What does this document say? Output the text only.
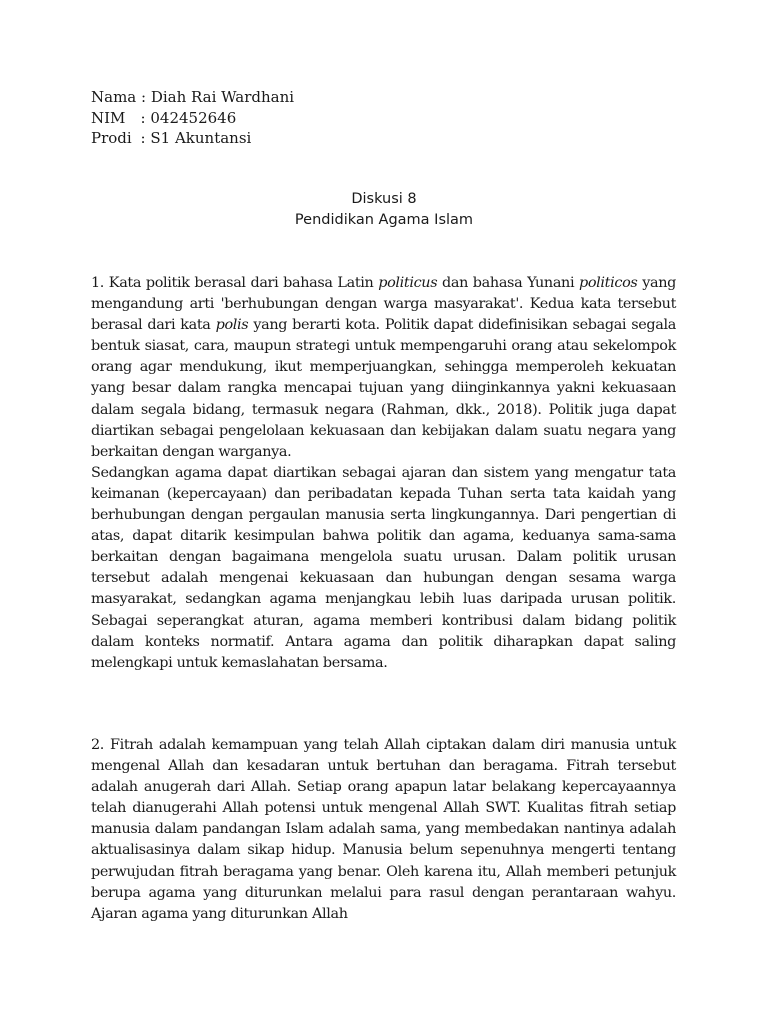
Nama : Diah Rai Wardhani
NIM  : 042452646
Prodi  : S1 Akuntansi
Diskusi 8
Pendidikan Agama Islam

1. Kata politik berasal dari bahasa Latin politicus dan bahasa Yunani politicos yang mengandung arti 'berhubungan dengan warga masyarakat'. Kedua kata tersebut berasal dari kata polis yang berarti kota. Politik dapat didefinisikan sebagai segala bentuk siasat, cara, maupun strategi untuk mempengaruhi orang atau sekelompok orang agar mendukung, ikut memperjuangkan, sehingga memperoleh kekuatan yang besar dalam rangka mencapai tujuan yang diinginkannya yakni kekuasaan dalam segala bidang, termasuk negara (Rahman, dkk., 2018). Politik juga dapat diartikan sebagai pengelolaan kekuasaan dan kebijakan dalam suatu negara yang berkaitan dengan warganya.

Sedangkan agama dapat diartikan sebagai ajaran dan sistem yang mengatur tata keimanan (kepercayaan) dan peribadatan kepada Tuhan serta tata kaidah yang berhubungan dengan pergaulan manusia serta lingkungannya. Dari pengertian di atas, dapat ditarik kesimpulan bahwa politik dan agama, keduanya sama-sama berkaitan dengan bagaimana mengelola suatu urusan. Dalam politik urusan tersebut adalah mengenai kekuasaan dan hubungan dengan sesama warga masyarakat, sedangkan agama menjangkau lebih luas daripada urusan politik. Sebagai seperangkat aturan, agama memberi kontribusi dalam bidang politik dalam konteks normatif. Antara agama dan politik diharapkan dapat saling melengkapi untuk kemaslahatan bersama.

2. Fitrah adalah kemampuan yang telah Allah ciptakan dalam diri manusia untuk mengenal Allah dan kesadaran untuk bertuhan dan beragama. Fitrah tersebut adalah anugerah dari Allah. Setiap orang apapun latar belakang kepercayaannya telah dianugerahi Allah potensi untuk mengenal Allah SWT. Kualitas fitrah setiap manusia dalam pandangan Islam adalah sama, yang membedakan nantinya adalah aktualisasinya dalam sikap hidup. Manusia belum sepenuhnya mengerti tentang perwujudan fitrah beragama yang benar. Oleh karena itu, Allah memberi petunjuk berupa agama yang diturunkan melalui para rasul dengan perantaraan wahyu. Ajaran agama yang diturunkan Allah
